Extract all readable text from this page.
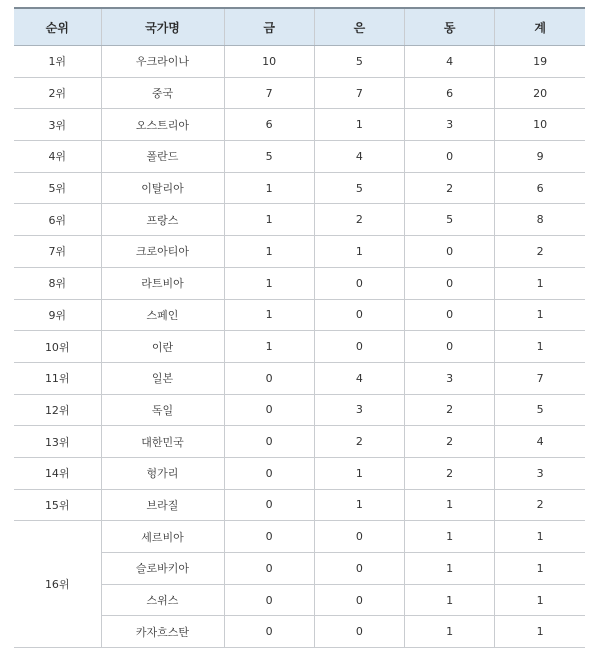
순위	국가명	금	은	동	계
1위	우크라이나	10	5	4	19
2위	중국	7	7	6	20
3위	오스트리아	6	1	3	10
4위	폴란드	5	4	0	9
5위	이탈리아	1	5	2	6
6위	프랑스	1	2	5	8
7위	크로아티아	1	1	0	2
8위	라트비아	1	0	0	1
9위	스페인	1	0	0	1
10위	이란	1	0	0	1
11위	일본	0	4	3	7
12위	독일	0	3	2	5
13위	대한민국	0	2	2	4
14위	헝가리	0	1	2	3
15위	브라질	0	1	1	2
16위	세르비아	0	0	1	1
	슬로바키아	0	0	1	1
	스위스	0	0	1	1
	카자흐스탄	0	0	1	1
